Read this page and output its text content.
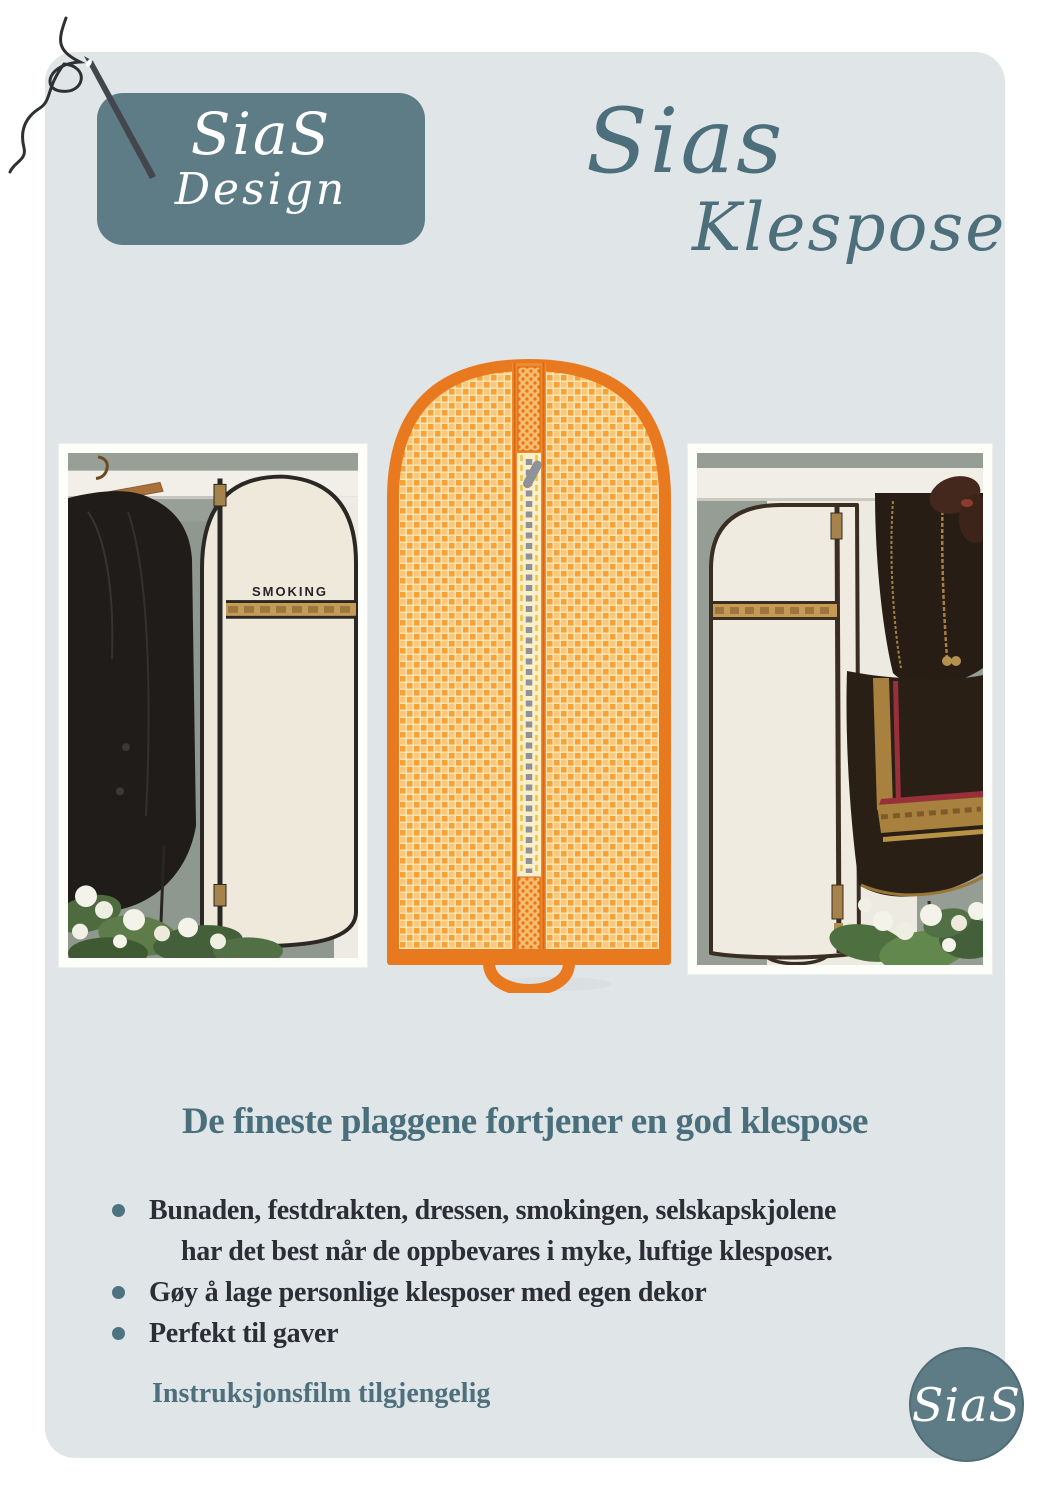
SiaS
Design	Sias
Klespose
SMOKING
De fineste plaggene fortjener en god klespose
Bunaden, festdrakten, dressen, smokingen, selskapskjolene
har det best når de oppbevares i myke, luftige klesposer.
Gøy å lage personlige klesposer med egen dekor
Perfekt til gaver
Instruksjonsfilm tilgjengelig	SiaS
